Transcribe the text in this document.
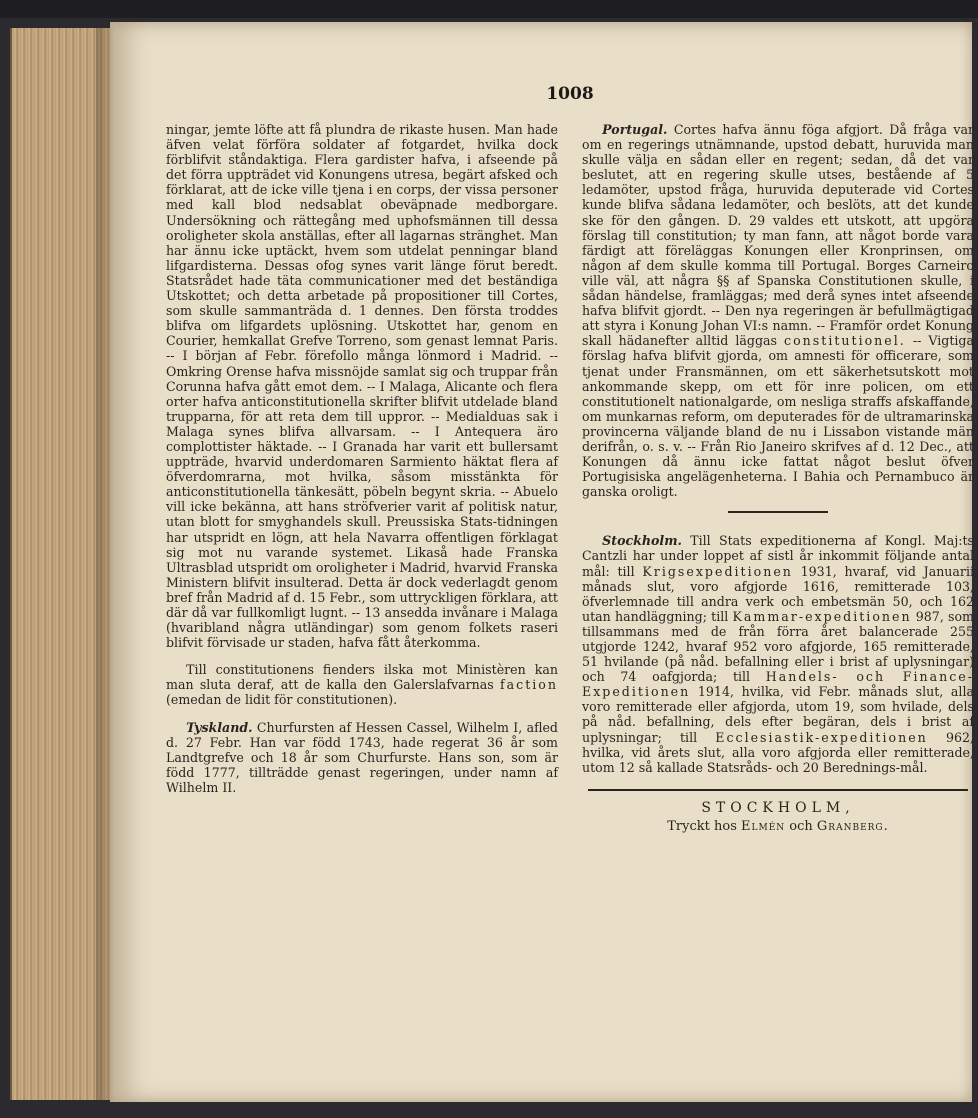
1008

ningar, jemte löfte att få plundra de rikaste husen. Man hade äfven velat förföra soldater af fotgardet, hvilka dock förblifvit ståndaktiga. Flera gardister hafva, i afseende på det förra uppträdet vid Konungens utresa, begärt afsked och förklarat, att de icke ville tjena i en corps, der vissa personer med kall blod nedsablat obeväpnade medborgare. Undersökning och rättegång med uphofsmännen till dessa oroligheter skola anställas, efter all lagarnas stränghet. Man har ännu icke uptäckt, hvem som utdelat penningar bland lifgardisterna. Dessas ofog synes varit länge förut beredt. Statsrådet hade täta communicationer med det beständiga Utskottet; och detta arbetade på propositioner till Cortes, som skulle sammanträda d. 1 dennes. Den första troddes blifva om lifgardets uplösning. Utskottet har, genom en Courier, hemkallat Grefve Torreno, som genast lemnat Paris. -- I början af Febr. förefollo många lönmord i Madrid. -- Omkring Orense hafva missnöjde samlat sig och truppar från Corunna hafva gått emot dem. -- I Malaga, Alicante och flera orter hafva anticonstitutionella skrifter blifvit utdelade bland trupparna, för att reta dem till uppror. -- Medialduas sak i Malaga synes blifva allvarsam. -- I Antequera äro complottister häktade. -- I Granada har varit ett bullersamt uppträde, hvarvid underdomaren Sarmiento häktat flera af öfverdomrarna, mot hvilka, såsom misstänkta för anticonstitutionella tänkesätt, pöbeln begynt skria. -- Abuelo vill icke bekänna, att hans ströfverier varit af politisk natur, utan blott for smyghandels skull. Preussiska Stats-tidningen har utspridt en lögn, att hela Navarra offentligen förklagat sig mot nu varande systemet. Likaså hade Franska Ultrasblad utspridt om oroligheter i Madrid, hvarvid Franska Ministern blifvit insulterad. Detta är dock vederlagdt genom bref från Madrid af d. 15 Febr., som uttryckligen förklara, att där då var fullkomligt lugnt. -- 13 ansedda invånare i Malaga (hvaribland några utländingar) som genom folkets raseri blifvit förvisade ur staden, hafva fått återkomma.

Till constitutionens fienders ilska mot Ministèren kan man sluta deraf, att de kalla den Galerslafvarnas faction (emedan de lidit för constitutionen).

Tyskland. Churfursten af Hessen Cassel, Wilhelm I, afled d. 27 Febr. Han var född 1743, hade regerat 36 år som Landtgrefve och 18 år som Churfurste. Hans son, som är född 1777, tillträdde genast regeringen, under namn af Wilhelm II.

Portugal. Cortes hafva ännu föga afgjort. Då fråga var om en regerings utnämnande, upstod debatt, huruvida man skulle välja en sådan eller en regent; sedan, då det var beslutet, att en regering skulle utses, bestående af 5 ledamöter, upstod fråga, huruvida deputerade vid Cortes kunde blifva sådana ledamöter, och beslöts, att det kunde ske för den gången. D. 29 valdes ett utskott, att upgöra förslag till constitution; ty man fann, att något borde vara färdigt att föreläggas Konungen eller Kronprinsen, om någon af dem skulle komma till Portugal. Borges Carneiro ville väl, att några §§ af Spanska Constitutionen skulle, i sådan händelse, framläggas; med derå synes intet afseende hafva blifvit gjordt. -- Den nya regeringen är befullmägtigad att styra i Konung Johan VI:s namn. -- Framför ordet Konung skall hädanefter alltid läggas constitutionel. -- Vigtiga förslag hafva blifvit gjorda, om amnesti för officerare, som tjenat under Fransmännen, om ett säkerhetsutskott mot ankommande skepp, om ett för inre policen, om ett constitutionelt nationalgarde, om nesliga straffs afskaffande, om munkarnas reform, om deputerades för de ultramarinska provincerna väljande bland de nu i Lissabon vistande män derifrån, o. s. v. -- Från Rio Janeiro skrifves af d. 12 Dec., att Konungen då ännu icke fattat något beslut öfver Portugisiska angelägenheterna. I Bahia och Pernambuco är ganska oroligt.

Stockholm. Till Stats expeditionerna af Kongl. Maj:ts Cantzli har under loppet af sistl år inkommit följande antal mål: till Krigsexpeditionen 1931, hvaraf, vid Januarii månads slut, voro afgjorde 1616, remitterade 103, öfverlemnade till andra verk och embetsmän 50, och 162 utan handläggning; till Kammar-expeditionen 987, som tillsammans med de från förra året balancerade 255 utgjorde 1242, hvaraf 952 voro afgjorde, 165 remitterade, 51 hvilande (på nåd. befallning eller i brist af uplysningar) och 74 oafgjorda; till Handels- och Finance-Expeditionen 1914, hvilka, vid Febr. månads slut, alla voro remitterade eller afgjorda, utom 19, som hvilade, dels på nåd. befallning, dels efter begäran, dels i brist af uplysningar; till Ecclesiastik-expeditionen 962, hvilka, vid årets slut, alla voro afgjorda eller remitterade, utom 12 så kallade Statsråds- och 20 Berednings-mål.

STOCKHOLM,
Tryckt hos Elmén och Granberg.
